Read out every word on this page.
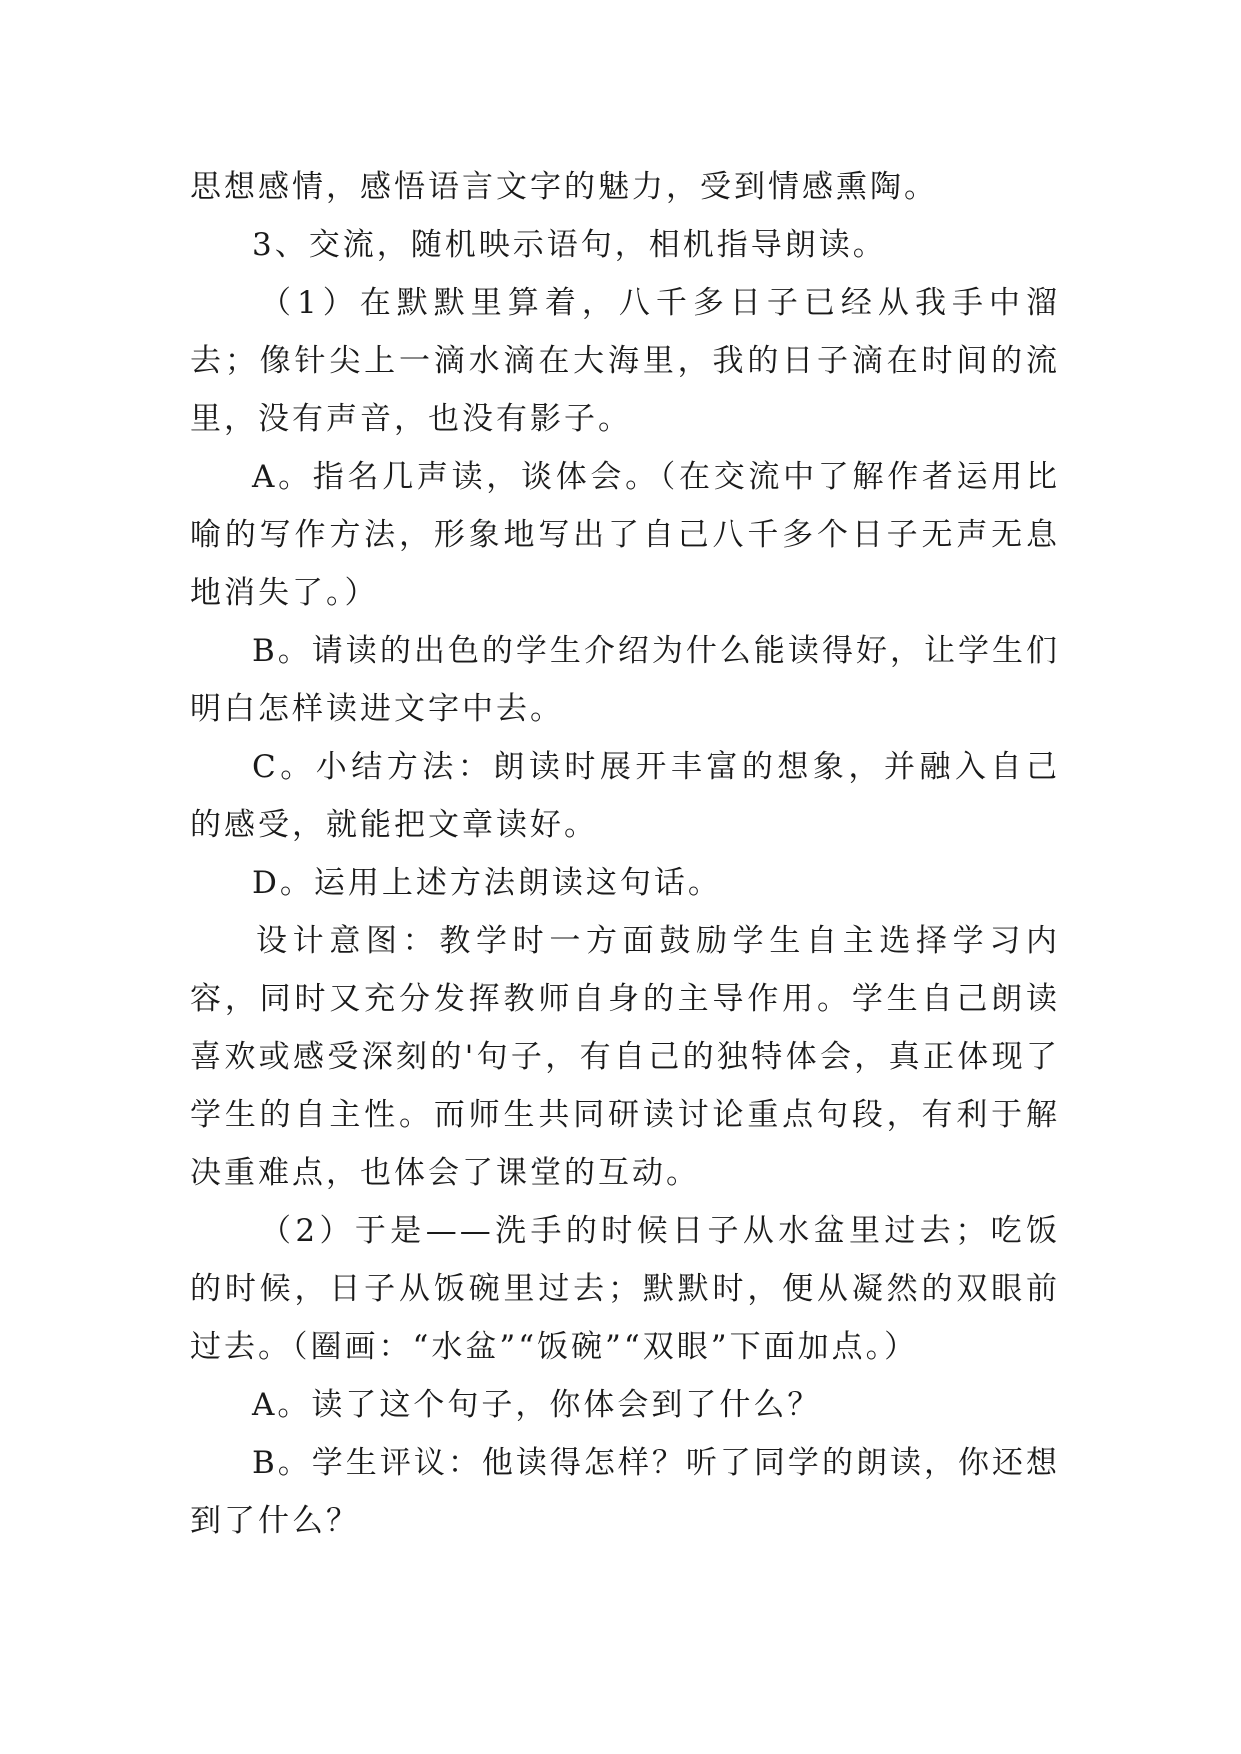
思想感情，感悟语言文字的魅力，受到情感熏陶。

3、交流，随机映示语句，相机指导朗读。

（1）在默默里算着，八千多日子已经从我手中溜去；像针尖上一滴水滴在大海里，我的日子滴在时间的流里，没有声音，也没有影子。

A。指名几声读，谈体会。（在交流中了解作者运用比喻的写作方法，形象地写出了自己八千多个日子无声无息地消失了。）

B。请读的出色的学生介绍为什么能读得好，让学生们明白怎样读进文字中去。

C。小结方法：朗读时展开丰富的想象，并融入自己的感受，就能把文章读好。

D。运用上述方法朗读这句话。

设计意图：教学时一方面鼓励学生自主选择学习内容，同时又充分发挥教师自身的主导作用。学生自己朗读喜欢或感受深刻的'句子，有自己的独特体会，真正体现了学生的自主性。而师生共同研读讨论重点句段，有利于解决重难点，也体会了课堂的互动。

（2）于是——洗手的时候日子从水盆里过去；吃饭的时候，日子从饭碗里过去；默默时，便从凝然的双眼前过去。（圈画：“水盆”“饭碗”“双眼”下面加点。）

A。读了这个句子，你体会到了什么？

B。学生评议：他读得怎样？听了同学的朗读，你还想到了什么？
